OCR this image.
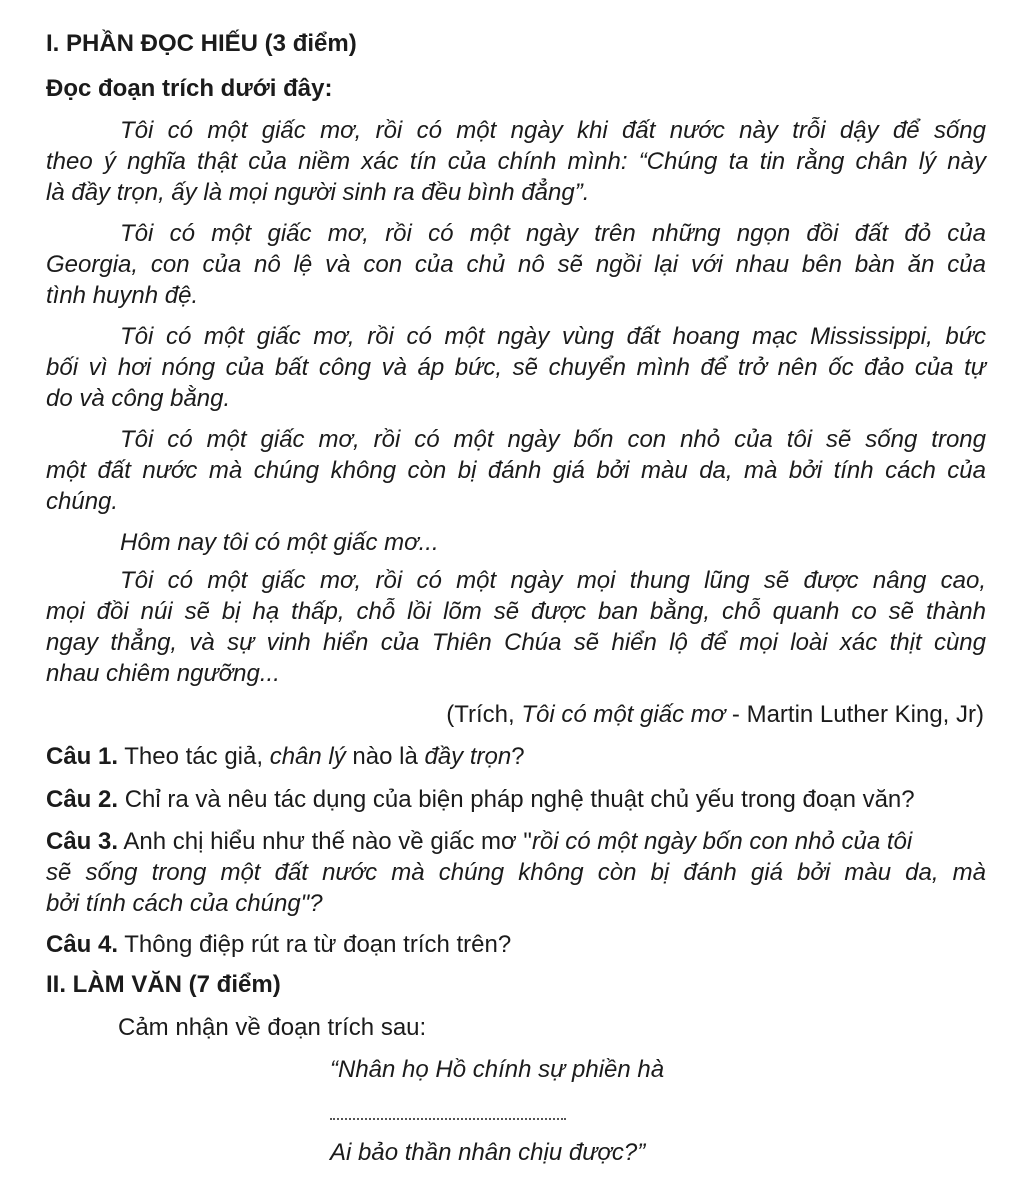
I. PHẦN ĐỌC HIẾU (3 điểm)
Đọc đoạn trích dưới đây:
Tôi có một giấc mơ, rồi có một ngày khi đất nước này trỗi dậy để sống
theo ý nghĩa thật của niềm xác tín của chính mình: “Chúng ta tin rằng chân lý này
là đầy trọn, ấy là mọi người sinh ra đều bình đẳng”.
Tôi có một giấc mơ, rồi có một ngày trên những ngọn đồi đất đỏ của
Georgia, con của nô lệ và con của chủ nô sẽ ngồi lại với nhau bên bàn ăn của
tình huynh đệ.
Tôi có một giấc mơ, rồi có một ngày vùng đất hoang mạc Mississippi, bức
bối vì hơi nóng của bất công và áp bức, sẽ chuyển mình để trở nên ốc đảo của tự
do và công bằng.
Tôi có một giấc mơ, rồi có một ngày bốn con nhỏ của tôi sẽ sống trong
một đất nước mà chúng không còn bị đánh giá bởi màu da, mà bởi tính cách của
chúng.
Hôm nay tôi có một giấc mơ...
Tôi có một giấc mơ, rồi có một ngày mọi thung lũng sẽ được nâng cao,
mọi đồi núi sẽ bị hạ thấp, chỗ lồi lõm sẽ được ban bằng, chỗ quanh co sẽ thành
ngay thẳng, và sự vinh hiển của Thiên Chúa sẽ hiển lộ để mọi loài xác thịt cùng
nhau chiêm ngưỡng...
(Trích, Tôi có một giấc mơ - Martin Luther King, Jr)
Câu 1. Theo tác giả, chân lý nào là đầy trọn?
Câu 2. Chỉ ra và nêu tác dụng của biện pháp nghệ thuật chủ yếu trong đoạn văn?
Câu 3. Anh chị hiểu như thế nào về giấc mơ "rồi có một ngày bốn con nhỏ của tôi
sẽ sống trong một đất nước mà chúng không còn bị đánh giá bởi màu da, mà
bởi tính cách của chúng"?
Câu 4. Thông điệp rút ra từ đoạn trích trên?
II. LÀM VĂN (7 điểm)
Cảm nhận về đoạn trích sau:
“Nhân họ Hồ chính sự phiền hà
Ai bảo thần nhân chịu được?”
